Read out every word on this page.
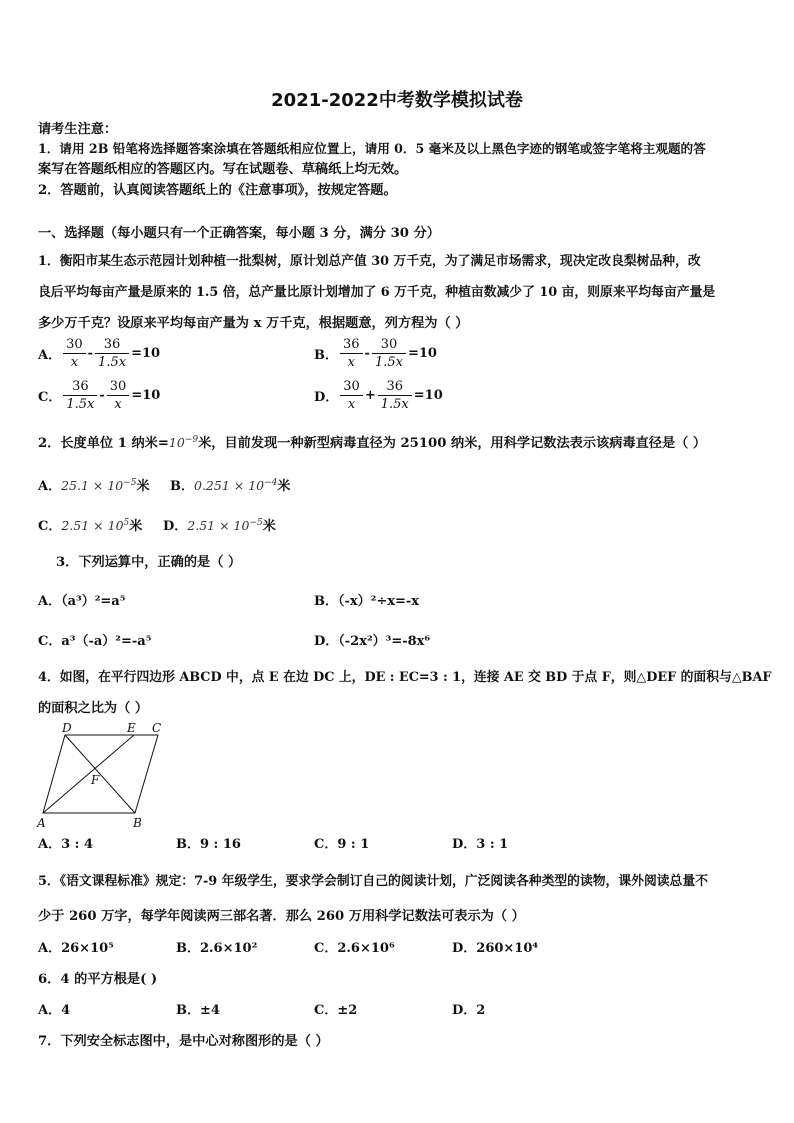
2021-2022中考数学模拟试卷
请考生注意：
1．请用 2B 铅笔将选择题答案涂填在答题纸相应位置上，请用 0．5 毫米及以上黑色字迹的钢笔或签字笔将主观题的答
案写在答题纸相应的答题区内。写在试题卷、草稿纸上均无效。
2．答题前，认真阅读答题纸上的《注意事项》，按规定答题。
一、选择题（每小题只有一个正确答案，每小题 3 分，满分 30 分）
1．衡阳市某生态示范园计划种植一批梨树，原计划总产值 30 万千克，为了满足市场需求，现决定改良梨树品种，改
良后平均每亩产量是原来的 1.5 倍，总产量比原计划增加了 6 万千克，种植亩数减少了 10 亩，则原来平均每亩产量是
多少万千克？设原来平均每亩产量为 x 万千克，根据题意，列方程为（ ）
A． $\frac{30}{x} - \frac{36}{1.5x} =10$	B． $\frac{36}{x} - \frac{30}{1.5x} =10$
C． $\frac{36}{1.5x} - \frac{30}{x} =10$	D． $\frac{30}{x} + \frac{36}{1.5x} =10$
2．长度单位 1 纳米$=10^{-9}$米，目前发现一种新型病毒直径为 25100 纳米，用科学记数法表示该病毒直径是（ ）
A．$25.1 \times 10^{-5}$米 B．$0.251 \times 10^{-4}$米
C．$2.51 \times 10^5$米 D．$2.51 \times 10^{-5}$米
3．下列运算中，正确的是（ ）
A．（a³）²=a⁵	B．（-x）²÷x=-x
C．a³（-a）²=-a⁵	D．（-2x²）³=-8x⁶
4．如图，在平行四边形 ABCD 中，点 E 在边 DC 上，DE : EC=3 : 1，连接 AE 交 BD 于点 F，则△DEF 的面积与△BAF
的面积之比为（ ）
D	E C
F
A	B
A．3 : 4	B．9 : 16	C．9 : 1	D．3 : 1
5．《语文课程标准》规定：7-9 年级学生，要求学会制订自己的阅读计划，广泛阅读各种类型的读物，课外阅读总量不
少于 260 万字，每学年阅读两三部名著．那么 260 万用科学记数法可表示为（ ）
A．26×10⁵	B．2.6×10²	C．2.6×10⁶	D．260×10⁴
6．4 的平方根是( )
A．4	B．±4	C．±2	D．2
7．下列安全标志图中，是中心对称图形的是（ ）
